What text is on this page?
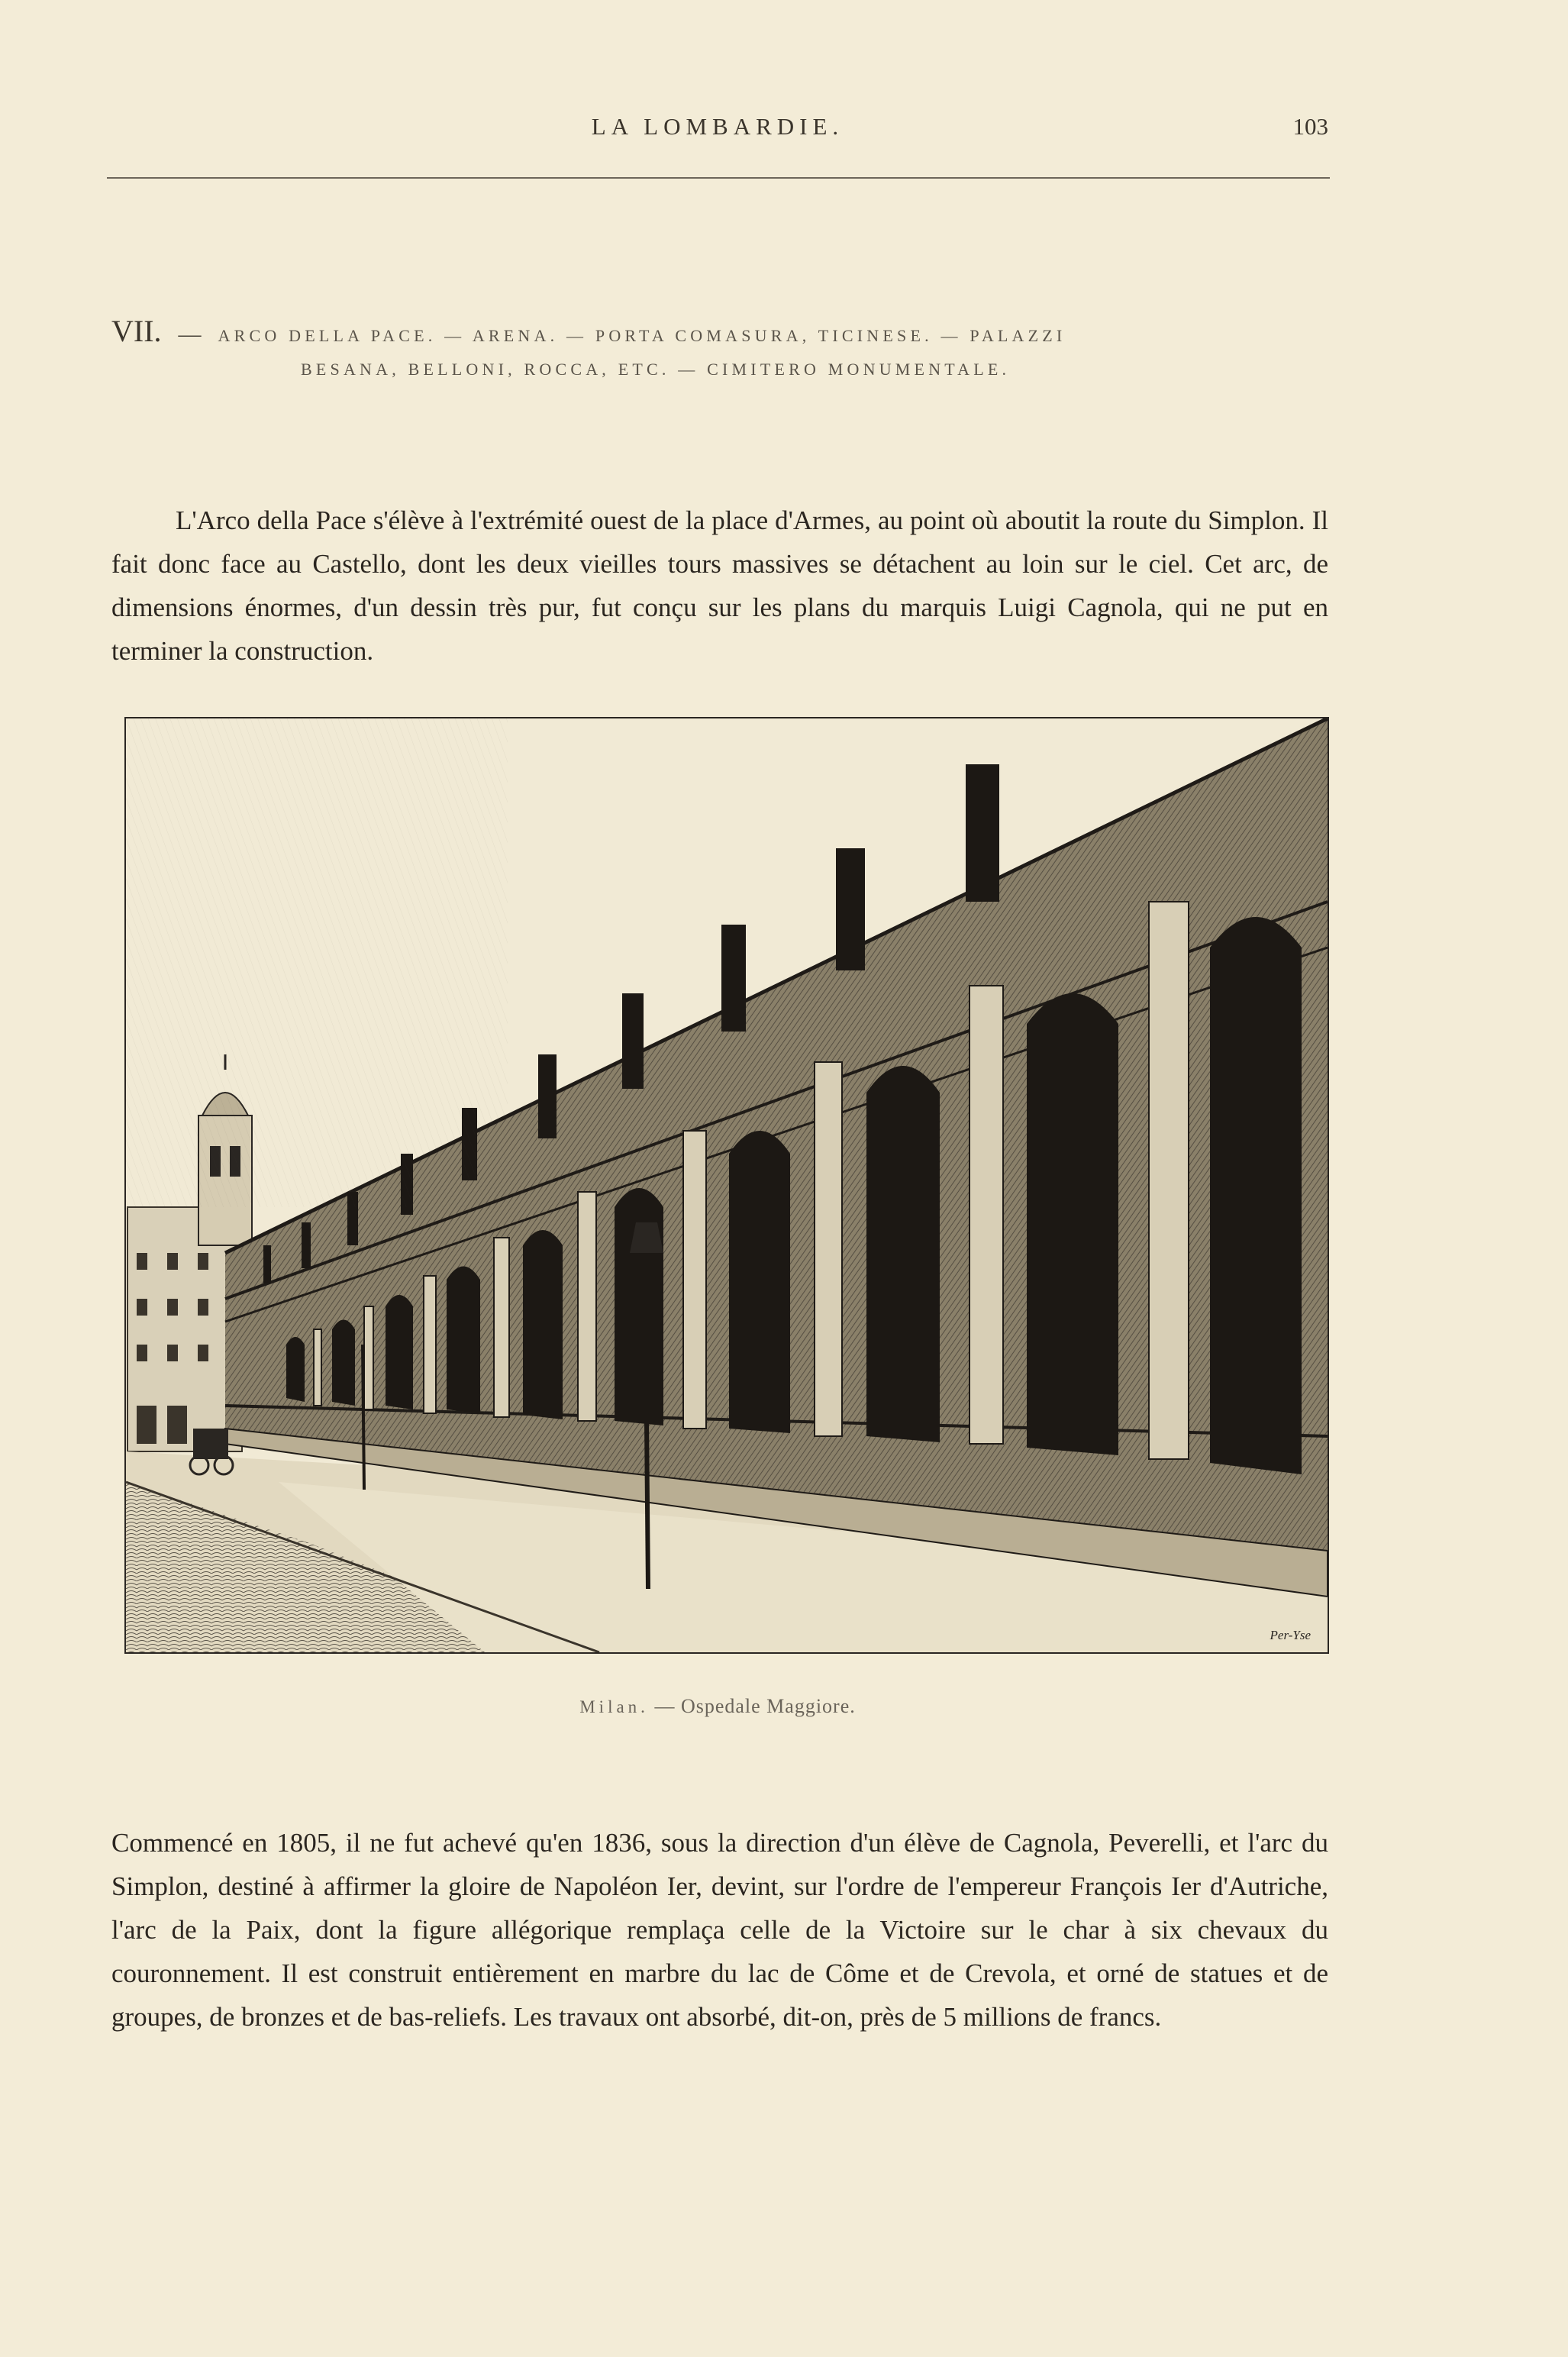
LA LOMBARDIE.	103
VII. — ARCO DELLA PACE. — ARENA. — PORTA COMASURA, TICINESE. — PALAZZI
BESANA, BELLONI, ROCCA, ETC. — CIMITERO MONUMENTALE.

L'Arco della Pace s'élève à l'extrémité ouest de la place d'Armes, au point où aboutit la route du Simplon. Il fait donc face au Castello, dont les deux vieilles tours massives se détachent au loin sur le ciel. Cet arc, de dimensions énormes, d'un dessin très pur, fut conçu sur les plans du marquis Luigi Cagnola, qui ne put en terminer la construction.

Per-Yse
Milan. — Ospedale Maggiore.

Commencé en 1805, il ne fut achevé qu'en 1836, sous la direction d'un élève de Cagnola, Peverelli, et l'arc du Simplon, destiné à affirmer la gloire de Napoléon Ier, devint, sur l'ordre de l'empereur François Ier d'Autriche, l'arc de la Paix, dont la figure allégorique remplaça celle de la Victoire sur le char à six chevaux du couronnement. Il est construit entièrement en marbre du lac de Côme et de Crevola, et orné de statues et de groupes, de bronzes et de bas-reliefs. Les travaux ont absorbé, dit-on, près de 5 millions de francs.
